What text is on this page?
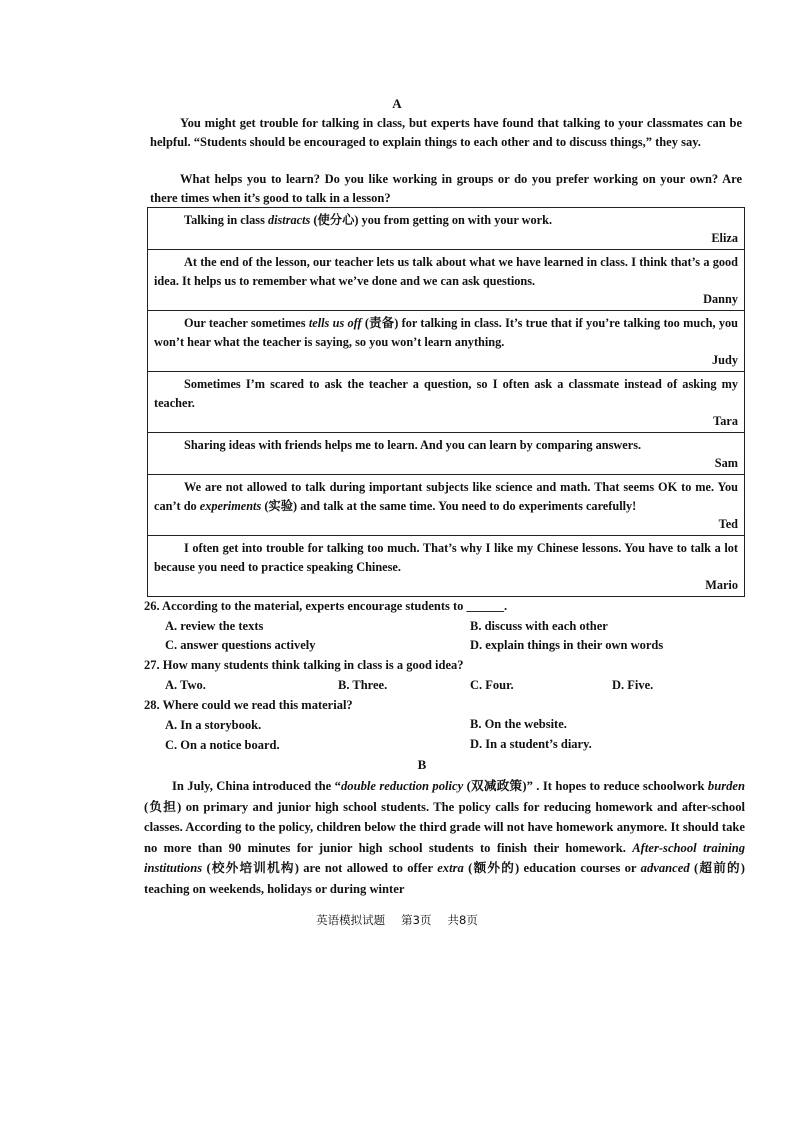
A

You might get trouble for talking in class, but experts have found that talking to your classmates can be helpful. “Students should be encouraged to explain things to each other and to discuss things,” they say.

What helps you to learn? Do you like working in groups or do you prefer working on your own? Are there times when it’s good to talk in a lesson?

Talking in class distracts (使分心) you from getting on with your work.

Eliza

At the end of the lesson, our teacher lets us talk about what we have learned in class. I think that’s a good idea. It helps us to remember what we’ve done and we can ask questions.

Danny

Our teacher sometimes tells us off (责备) for talking in class. It’s true that if you’re talking too much, you won’t hear what the teacher is saying, so you won’t learn anything.

Judy

Sometimes I’m scared to ask the teacher a question, so I often ask a classmate instead of asking my teacher.

Tara

Sharing ideas with friends helps me to learn. And you can learn by comparing answers.

Sam

We are not allowed to talk during important subjects like science and math. That seems OK to me. You can’t do experiments (实验) and talk at the same time. You need to do experiments carefully!

Ted

I often get into trouble for talking too much. That’s why I like my Chinese lessons. You have to talk a lot because you need to practice speaking Chinese.

Mario

26. According to the material, experts encourage students to ______.
A. review the texts	B. discuss with each other
C. answer questions actively	D. explain things in their own words
27. How many students think talking in class is a good idea?
A. Two.	B. Three.	C. Four.	D. Five.
28. Where could we read this material?
A. In a storybook.	B. On the website.
C. On a notice board.	D. In a student’s diary.
B

In July, China introduced the “double reduction policy (双减政策)” . It hopes to reduce schoolwork burden (负担) on primary and junior high school students. The policy calls for reducing homework and after-school classes. According to the policy, children below the third grade will not have homework anymore. It should take no more than 90 minutes for junior high school students to finish their homework. After-school training institutions (校外培训机构) are not allowed to offer extra (额外的) education courses or advanced (超前的) teaching on weekends, holidays or during winter

英语模拟试题 第3页 共8页
